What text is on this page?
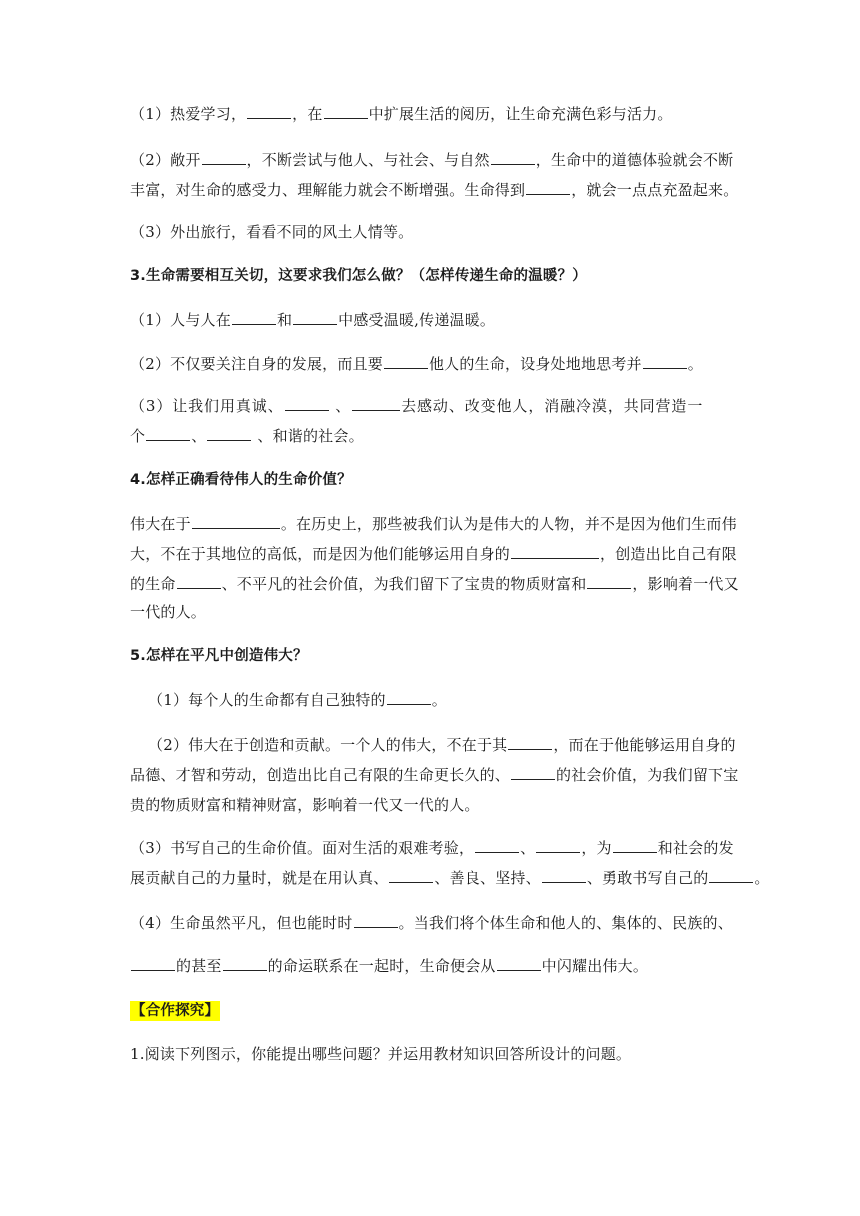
（1）热爱学习，	，在	中扩展生活的阅历，让生命充满色彩与活力。
（2）敞开	，不断尝试与他人、与社会、与自然	，生命中的道德体验就会不断
丰富，对生命的感受力、理解能力就会不断增强。生命得到	，就会一点点充盈起来。
（3）外出旅行，看看不同的风土人情等。
3.生命需要相互关切，这要求我们怎么做？（怎样传递生命的温暖？）
（1）人与人在	和	中感受温暖,传递温暖。
（2）不仅要关注自身的发展，而且要	他人的生命，设身处地地思考并	。
（3）让我们用真诚、	、	去感动、改变他人，消融冷漠，共同营造一
个	、	、和谐的社会。
4.怎样正确看待伟人的生命价值？
伟大在于	。在历史上，那些被我们认为是伟大的人物，并不是因为他们生而伟
大，不在于其地位的高低，而是因为他们能够运用自身的	，创造出比自己有限
的生命	、不平凡的社会价值，为我们留下了宝贵的物质财富和	，影响着一代又
一代的人。
5.怎样在平凡中创造伟大？
（1）每个人的生命都有自己独特的	。
（2）伟大在于创造和贡献。一个人的伟大，不在于其	，而在于他能够运用自身的
品德、才智和劳动，创造出比自己有限的生命更长久的、	的社会价值，为我们留下宝
贵的物质财富和精神财富，影响着一代又一代的人。
（3）书写自己的生命价值。面对生活的艰难考验，	、	，为	和社会的发
展贡献自己的力量时，就是在用认真、	、善良、坚持、	、勇敢书写自己的	。
（4）生命虽然平凡，但也能时时	。当我们将个体生命和他人的、集体的、民族的、
的甚至	的命运联系在一起时，生命便会从	中闪耀出伟大。
【合作探究】
1.阅读下列图示，你能提出哪些问题？并运用教材知识回答所设计的问题。
